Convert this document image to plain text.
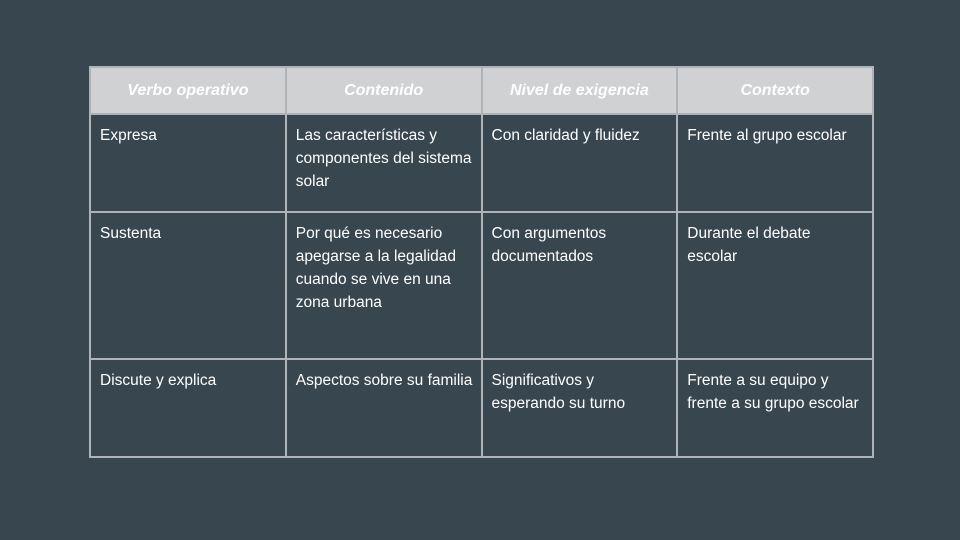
Verbo operativo	Contenido	Nivel de exigencia	Contexto

Expresa	Las características y componentes del sistema solar	Con claridad y fluidez	Frente al grupo escolar

Sustenta	Por qué es necesario apegarse a la legalidad cuando se vive en una zona urbana	Con argumentos documentados	Durante el debate escolar

Discute y explica	Aspectos sobre su familia	Significativos y esperando su turno	Frente a su equipo y frente a su grupo escolar
